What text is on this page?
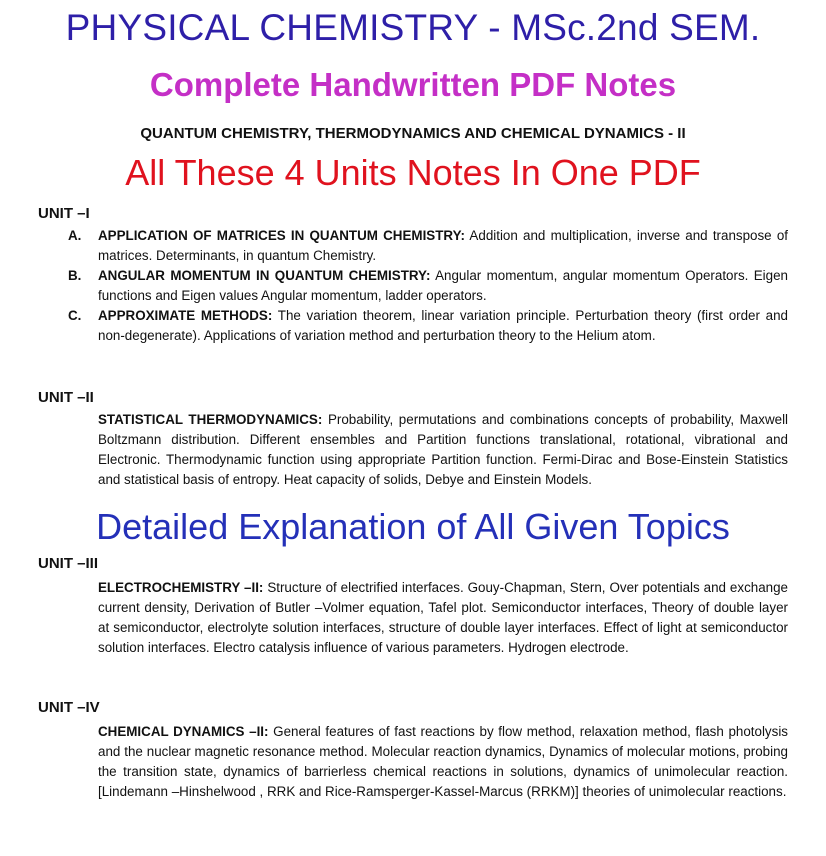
PHYSICAL CHEMISTRY - MSc.2nd SEM.
Complete Handwritten PDF Notes
QUANTUM CHEMISTRY, THERMODYNAMICS AND CHEMICAL DYNAMICS - II
All These 4 Units Notes In One PDF
UNIT –I
A. APPLICATION OF MATRICES IN QUANTUM CHEMISTRY: Addition and multiplication, inverse and transpose of matrices. Determinants, in quantum Chemistry.
B. ANGULAR MOMENTUM IN QUANTUM CHEMISTRY: Angular momentum, angular momentum Operators. Eigen functions and Eigen values Angular momentum, ladder operators.
C. APPROXIMATE METHODS: The variation theorem, linear variation principle. Perturbation theory (first order and non-degenerate). Applications of variation method and perturbation theory to the Helium atom.
UNIT –II
STATISTICAL THERMODYNAMICS: Probability, permutations and combinations concepts of probability, Maxwell Boltzmann distribution. Different ensembles and Partition functions translational, rotational, vibrational and Electronic. Thermodynamic function using appropriate Partition function. Fermi-Dirac and Bose-Einstein Statistics and statistical basis of entropy. Heat capacity of solids, Debye and Einstein Models.
Detailed Explanation of All Given Topics
UNIT –III
ELECTROCHEMISTRY –II: Structure of electrified interfaces. Gouy-Chapman, Stern, Over potentials and exchange current density, Derivation of Butler –Volmer equation, Tafel plot. Semiconductor interfaces, Theory of double layer at semiconductor, electrolyte solution interfaces, structure of double layer interfaces. Effect of light at semiconductor solution interfaces. Electro catalysis influence of various parameters. Hydrogen electrode.
UNIT –IV
CHEMICAL DYNAMICS –II: General features of fast reactions by flow method, relaxation method, flash photolysis and the nuclear magnetic resonance method. Molecular reaction dynamics, Dynamics of molecular motions, probing the transition state, dynamics of barrierless chemical reactions in solutions, dynamics of unimolecular reaction. [Lindemann –Hinshelwood , RRK and Rice-Ramsperger-Kassel-Marcus (RRKM)] theories of unimolecular reactions.
